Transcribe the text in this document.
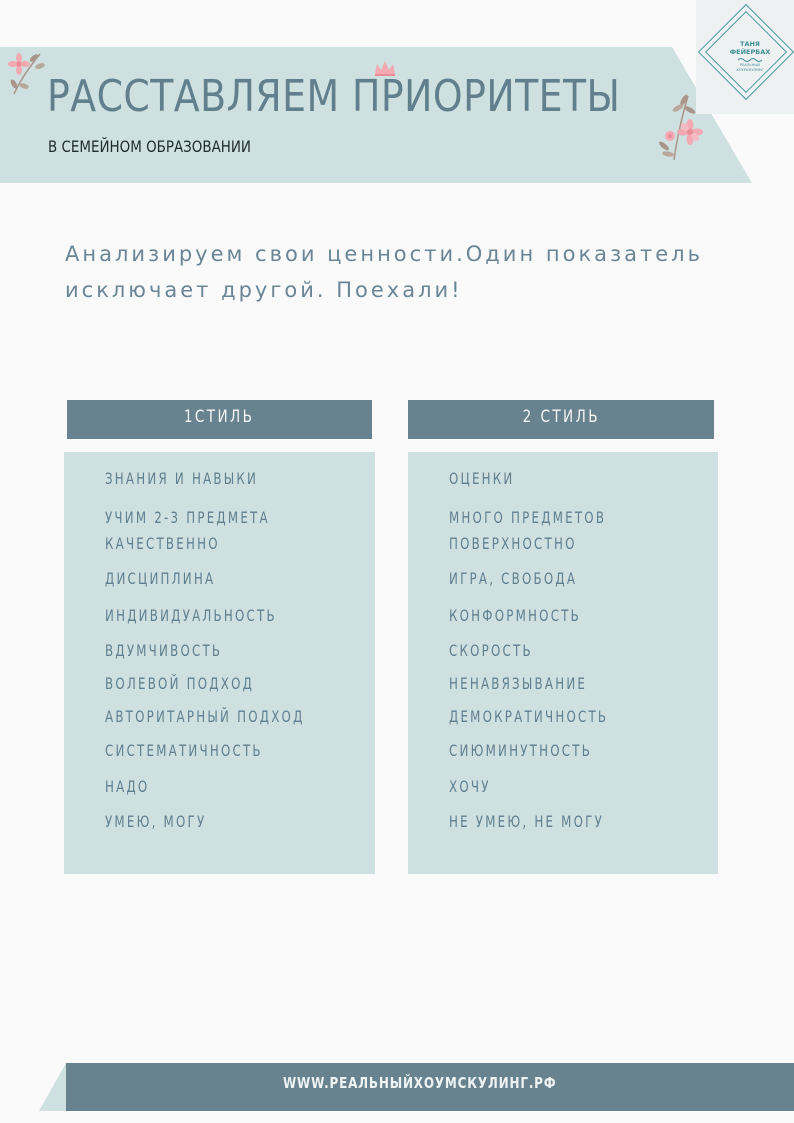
ТАНЯ
ФЕЙЕРБАХ
РЕАЛЬНЫЙ
ХОУМСКУЛИНГ
РАССТАВЛЯЕМ ПРИОРИТЕТЫ
В СЕМЕЙНОМ ОБРАЗОВАНИИ
Анализируем свои ценности.Один показатель
исключает другой. Поехали!
1СТИЛЬ	2 СТИЛЬ
ЗНАНИЯ И НАВЫКИ
УЧИМ 2-3 ПРЕДМЕТА
КАЧЕСТВЕННО
ДИСЦИПЛИНА
ИНДИВИДУАЛЬНОСТЬ
ВДУМЧИВОСТЬ
ВОЛЕВОЙ ПОДХОД
АВТОРИТАРНЫЙ ПОДХОД
СИСТЕМАТИЧНОСТЬ
НАДО
УМЕЮ, МОГУ
ОЦЕНКИ
МНОГО ПРЕДМЕТОВ
ПОВЕРХНОСТНО
ИГРА, СВОБОДА
КОНФОРМНОСТЬ
СКОРОСТЬ
НЕНАВЯЗЫВАНИЕ
ДЕМОКРАТИЧНОСТЬ
СИЮМИНУТНОСТЬ
ХОЧУ
НЕ УМЕЮ, НЕ МОГУ
WWW.РЕАЛЬНЫЙХОУМСКУЛИНГ.РФ
